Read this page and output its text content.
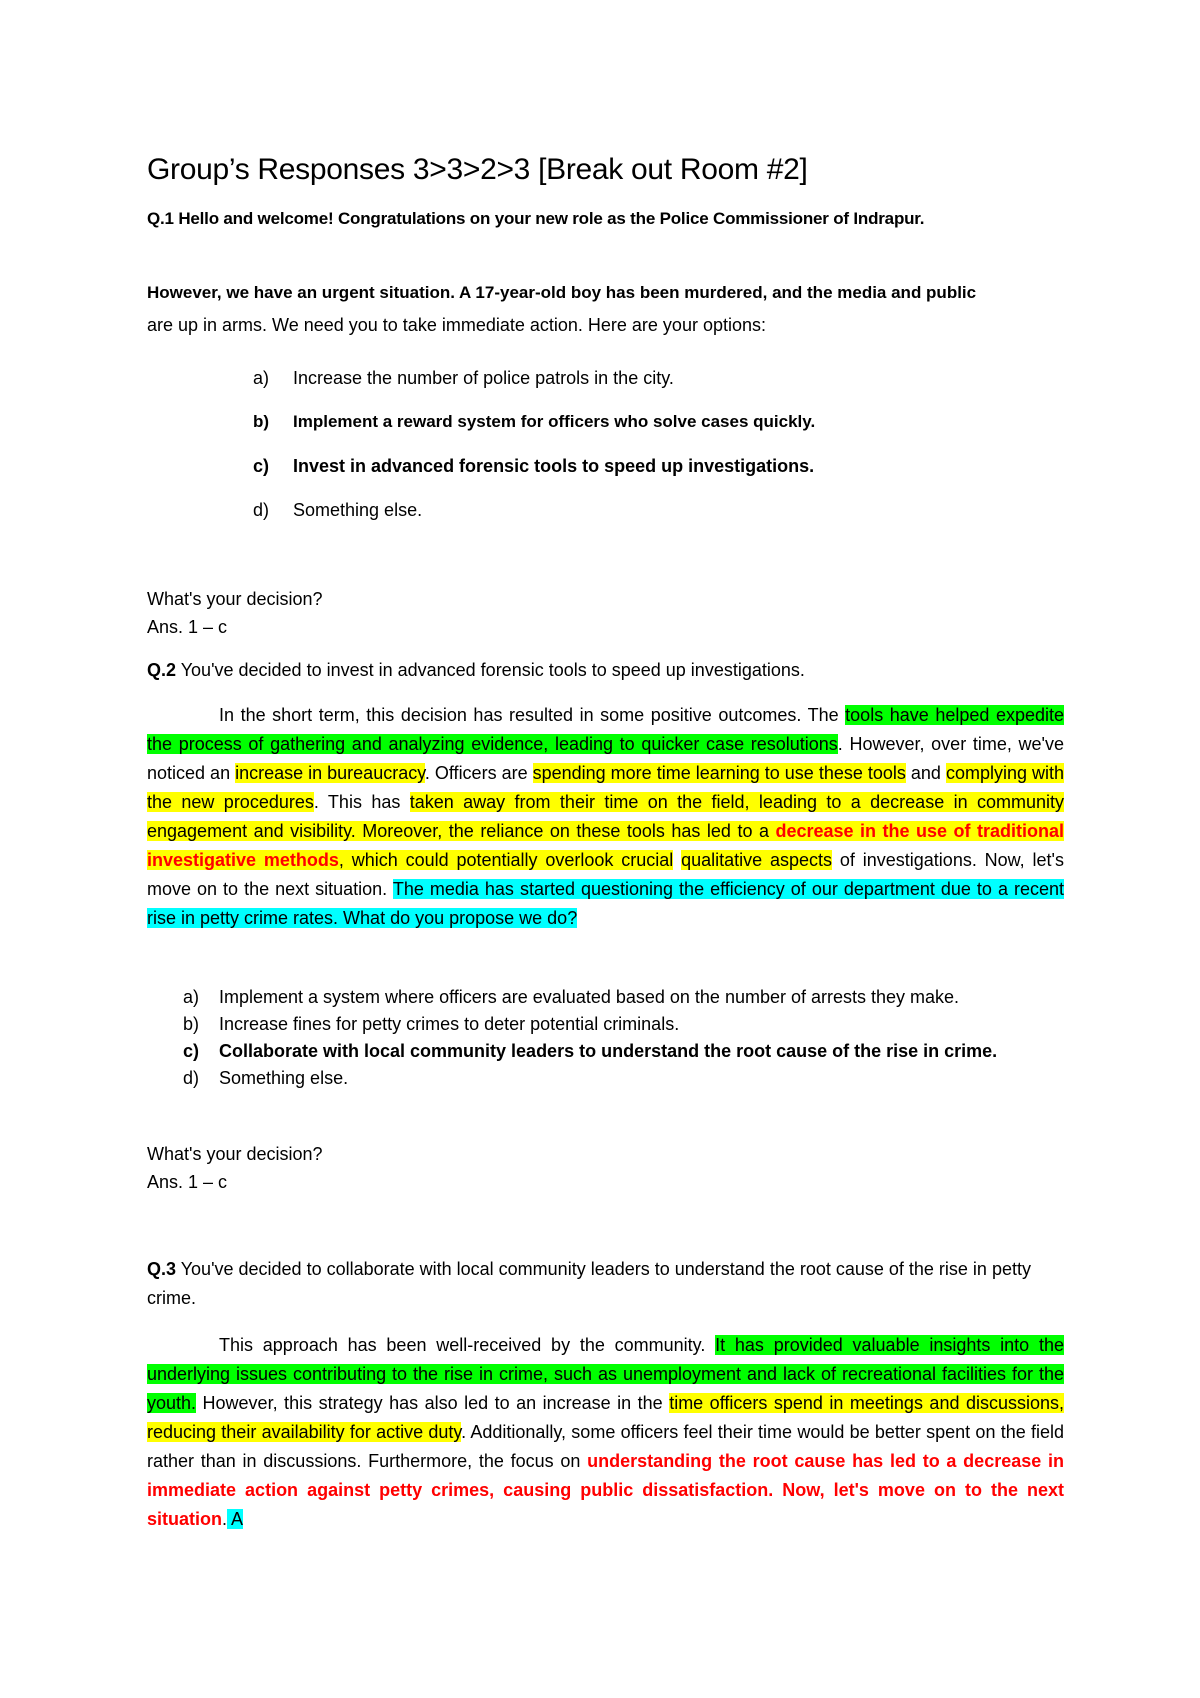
Group’s Responses 3>3>2>3 [Break out Room #2]
Q.1 Hello and welcome! Congratulations on your new role as the Police Commissioner of Indrapur.
However, we have an urgent situation. A 17-year-old boy has been murdered, and the media and public
are up in arms. We need you to take immediate action. Here are your options:
a) Increase the number of police patrols in the city.
b) Implement a reward system for officers who solve cases quickly.
c) Invest in advanced forensic tools to speed up investigations.
d) Something else.
What's your decision?
Ans. 1 – c
Q.2 You've decided to invest in advanced forensic tools to speed up investigations.
In the short term, this decision has resulted in some positive outcomes. The tools have helped expedite the process of gathering and analyzing evidence, leading to quicker case resolutions. However, over time, we've noticed an increase in bureaucracy. Officers are spending more time learning to use these tools and complying with the new procedures. This has taken away from their time on the field, leading to a decrease in community engagement and visibility. Moreover, the reliance on these tools has led to a decrease in the use of traditional investigative methods, which could potentially overlook crucial qualitative aspects of investigations. Now, let's move on to the next situation. The media has started questioning the efficiency of our department due to a recent rise in petty crime rates. What do you propose we do?
a) Implement a system where officers are evaluated based on the number of arrests they make.
b) Increase fines for petty crimes to deter potential criminals.
c) Collaborate with local community leaders to understand the root cause of the rise in crime.
d) Something else.
What's your decision?
Ans. 1 – c
Q.3 You've decided to collaborate with local community leaders to understand the root cause of the rise in petty crime.
This approach has been well-received by the community. It has provided valuable insights into the underlying issues contributing to the rise in crime, such as unemployment and lack of recreational facilities for the youth. However, this strategy has also led to an increase in the time officers spend in meetings and discussions, reducing their availability for active duty. Additionally, some officers feel their time would be better spent on the field rather than in discussions. Furthermore, the focus on understanding the root cause has led to a decrease in immediate action against petty crimes, causing public dissatisfaction. Now, let's move on to the next situation. A
